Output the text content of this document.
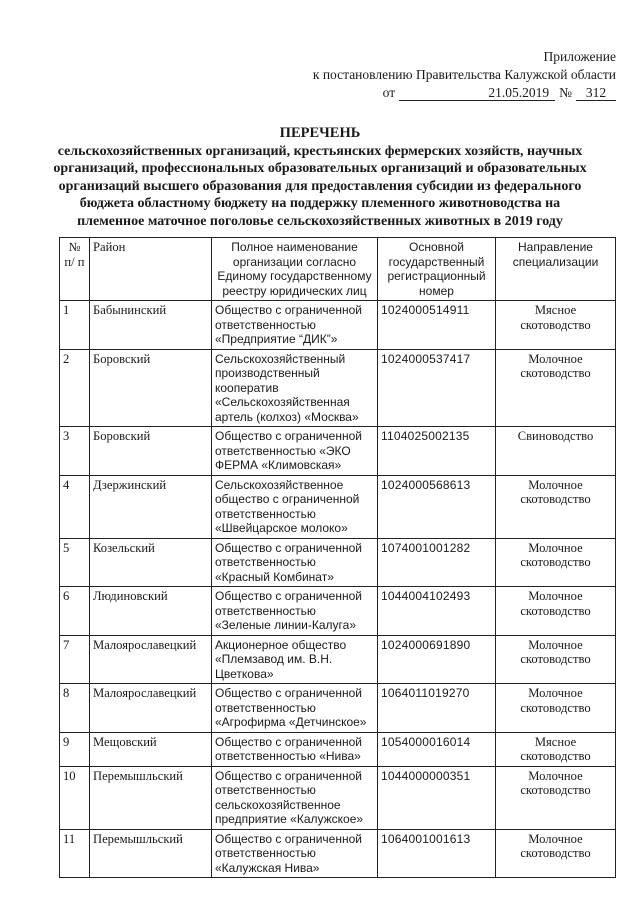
Приложение
к постановлению Правительства Калужской области
от	21.05.2019 №	312
ПЕРЕЧЕНЬ
сельскохозяйственных организаций, крестьянских фермерских хозяйств, научных
организаций, профессиональных образовательных организаций и образовательных
организаций высшего образования для предоставления субсидии из федерального
бюджета областному бюджету на поддержку племенного животноводства на
племенное маточное поголовье сельскохозяйственных животных в 2019 году
№ п/ п	Район	Полное наименование организации согласно Единому государственному реестру юридических лиц	Основной государственный регистрационный номер	Направление специализации
1	Бабынинский	Общество с ограниченной ответственностью «Предприятие “ДИК”»	1024000514911	Мясное скотоводство
2	Боровский	Сельскохозяйственный производственный кооператив «Сельскохозяйственная артель (колхоз) «Москва»	1024000537417	Молочное скотоводство
3	Боровский	Общество с ограниченной ответственностью «ЭКО ФЕРМА «Климовская»	1104025002135	Свиноводство
4	Дзержинский	Сельскохозяйственное общество с ограниченной ответственностью «Швейцарское молоко»	1024000568613	Молочное скотоводство
5	Козельский	Общество с ограниченной ответственностью «Красный Комбинат»	1074001001282	Молочное скотоводство
6	Людиновский	Общество с ограниченной ответственностью «Зеленые линии-Калуга»	1044004102493	Молочное скотоводство
7	Малоярославецкий	Акционерное общество «Племзавод им. В.Н. Цветкова»	1024000691890	Молочное скотоводство
8	Малоярославецкий	Общество с ограниченной ответственностью «Агрофирма «Детчинское»	1064011019270	Молочное скотоводство
9	Мещовский	Общество с ограниченной ответственностью «Нива»	1054000016014	Мясное скотоводство
10	Перемышльский	Общество с ограниченной ответственностью сельскохозяйственное предприятие «Калужское»	1044000000351	Молочное скотоводство
11	Перемышльский	Общество с ограниченной ответственностью «Калужская Нива»	1064001001613	Молочное скотоводство
